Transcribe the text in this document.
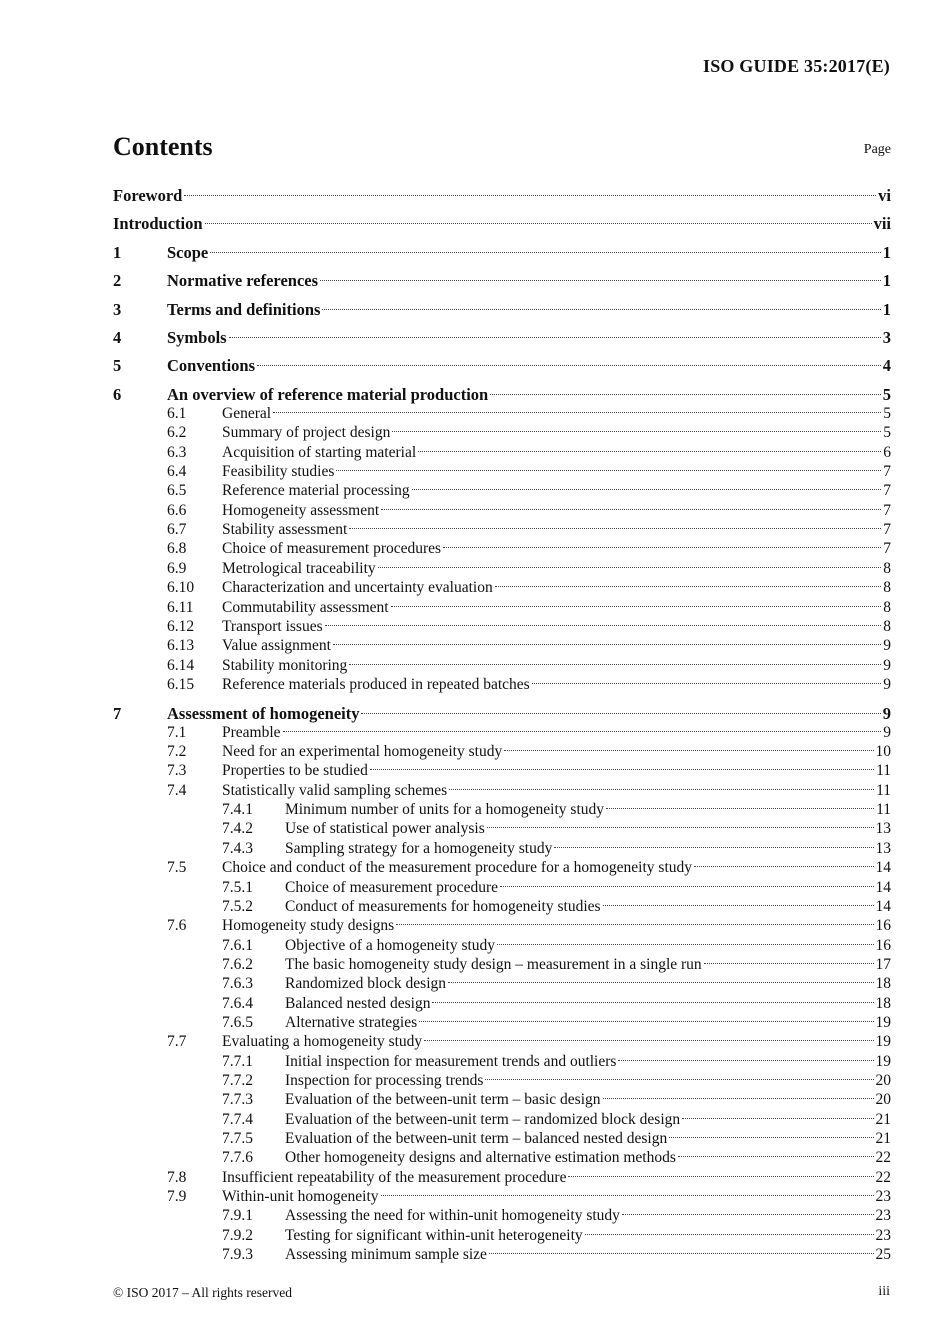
ISO GUIDE 35:2017(E)
Contents	Page
Foreword	vi
Introduction	vii
1	Scope	1
2	Normative references	1
3	Terms and definitions	1
4	Symbols	3
5	Conventions	4
6	An overview of reference material production	5
6.1 General	5
6.2 Summary of project design	5
6.3 Acquisition of starting material	6
6.4 Feasibility studies	7
6.5 Reference material processing	7
6.6 Homogeneity assessment	7
6.7 Stability assessment	7
6.8 Choice of measurement procedures	7
6.9 Metrological traceability	8
6.10 Characterization and uncertainty evaluation	8
6.11 Commutability assessment	8
6.12 Transport issues	8
6.13 Value assignment	9
6.14 Stability monitoring	9
6.15 Reference materials produced in repeated batches	9
7	Assessment of homogeneity	9
7.1 Preamble	9
7.2 Need for an experimental homogeneity study	10
7.3 Properties to be studied	11
7.4 Statistically valid sampling schemes	11
7.4.1 Minimum number of units for a homogeneity study	11
7.4.2 Use of statistical power analysis	13
7.4.3 Sampling strategy for a homogeneity study	13
7.5 Choice and conduct of the measurement procedure for a homogeneity study	14
7.5.1 Choice of measurement procedure	14
7.5.2 Conduct of measurements for homogeneity studies	14
7.6 Homogeneity study designs	16
7.6.1 Objective of a homogeneity study	16
7.6.2 The basic homogeneity study design – measurement in a single run	17
7.6.3 Randomized block design	18
7.6.4 Balanced nested design	18
7.6.5 Alternative strategies	19
7.7 Evaluating a homogeneity study	19
7.7.1 Initial inspection for measurement trends and outliers	19
7.7.2 Inspection for processing trends	20
7.7.3 Evaluation of the between-unit term – basic design	20
7.7.4 Evaluation of the between-unit term – randomized block design	21
7.7.5 Evaluation of the between-unit term – balanced nested design	21
7.7.6 Other homogeneity designs and alternative estimation methods	22
7.8 Insufficient repeatability of the measurement procedure	22
7.9 Within-unit homogeneity	23
7.9.1 Assessing the need for within-unit homogeneity study	23
7.9.2 Testing for significant within-unit heterogeneity	23
7.9.3 Assessing minimum sample size	25
© ISO 2017 – All rights reserved	iii
